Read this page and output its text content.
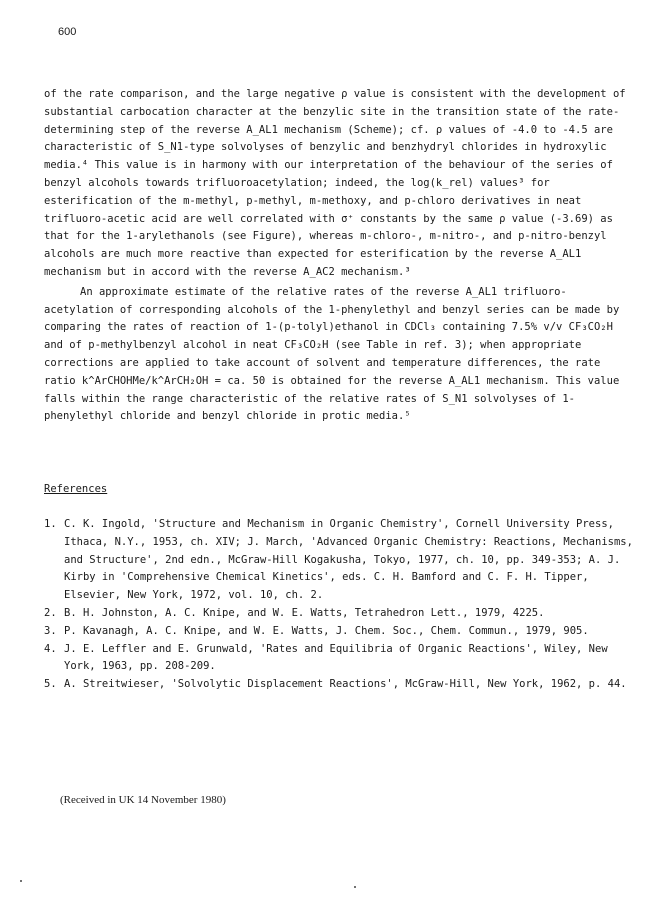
600

of the rate comparison, and the large negative ρ value is consistent with the development of substantial carbocation character at the benzylic site in the transition state of the rate-determining step of the reverse A_AL1 mechanism (Scheme); cf. ρ values of -4.0 to -4.5 are characteristic of S_N1-type solvolyses of benzylic and benzhydryl chlorides in hydroxylic media.⁴ This value is in harmony with our interpretation of the behaviour of the series of benzyl alcohols towards trifluoroacetylation; indeed, the log(k_rel) values³ for esterification of the m-methyl, p-methyl, m-methoxy, and p-chloro derivatives in neat trifluoro-acetic acid are well correlated with σ⁺ constants by the same ρ value (-3.69) as that for the 1-arylethanols (see Figure), whereas m-chloro-, m-nitro-, and p-nitro-benzyl alcohols are much more reactive than expected for esterification by the reverse A_AL1 mechanism but in accord with the reverse A_AC2 mechanism.³

An approximate estimate of the relative rates of the reverse A_AL1 trifluoro-acetylation of corresponding alcohols of the 1-phenylethyl and benzyl series can be made by comparing the rates of reaction of 1-(p-tolyl)ethanol in CDCl₃ containing 7.5% v/v CF₃CO₂H and of p-methylbenzyl alcohol in neat CF₃CO₂H (see Table in ref. 3); when appropriate corrections are applied to take account of solvent and temperature differences, the rate ratio k^ArCHOHMe/k^ArCH₂OH = ca. 50 is obtained for the reverse A_AL1 mechanism. This value falls within the range characteristic of the relative rates of S_N1 solvolyses of 1-phenylethyl chloride and benzyl chloride in protic media.⁵

References
1. C. K. Ingold, 'Structure and Mechanism in Organic Chemistry', Cornell University Press, Ithaca, N.Y., 1953, ch. XIV; J. March, 'Advanced Organic Chemistry: Reactions, Mechanisms, and Structure', 2nd edn., McGraw-Hill Kogakusha, Tokyo, 1977, ch. 10, pp. 349-353; A. J. Kirby in 'Comprehensive Chemical Kinetics', eds. C. H. Bamford and C. F. H. Tipper, Elsevier, New York, 1972, vol. 10, ch. 2.
2. B. H. Johnston, A. C. Knipe, and W. E. Watts, Tetrahedron Lett., 1979, 4225.
3. P. Kavanagh, A. C. Knipe, and W. E. Watts, J. Chem. Soc., Chem. Commun., 1979, 905.
4. J. E. Leffler and E. Grunwald, 'Rates and Equilibria of Organic Reactions', Wiley, New York, 1963, pp. 208-209.
5. A. Streitwieser, 'Solvolytic Displacement Reactions', McGraw-Hill, New York, 1962, p. 44.
(Received in UK 14 November 1980)
